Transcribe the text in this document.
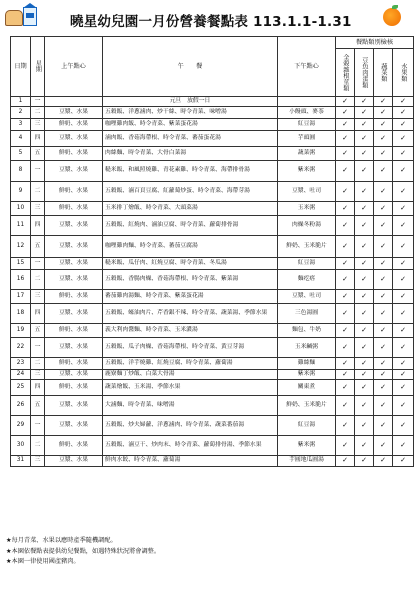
曉星幼兒園一月份營養餐點表 113.1.1-1.31
日期	星期	上午點心	午　　餐	下午點心	餐點類別檢核			

					全穀雜根莖類	豆魚肉蛋類	蔬菜類	水果類

1	一		元旦　放假一日		✓	✓	✓	✓
2	二	豆漿、水果	五穀飯、洋蔥滷肉、炒干絲、時令青菜、味噌湯	小饅頭、麥茶	✓	✓	✓	✓
3	三	鮮奶、水果	咖哩雞肉飯、時令青菜、紫菜蛋花湯	紅豆湯	✓	✓	✓	✓
4	四	豆漿、水果	滷肉飯、香菇海帶根、時令青菜、蕃茄蛋花湯	芋頭圓	✓	✓	✓	✓
5	五	鮮奶、水果	肉絲麵、時令青菜、大骨白菜湯	蔬菜粥	✓	✓	✓	✓
8	一	豆漿、水果	糙米飯、和風照燒雞、青花素雞、時令青菜、海帶排骨湯	紫米粥	✓	✓	✓	✓
9	二	鮮奶、水果	五穀飯、滷百頁豆腐、紅蘿蔔炒蛋、時令青菜、海帶芽湯	豆漿、吐司	✓	✓	✓	✓
10	三	鮮奶、水果	玉米排丁燴飯、時令青菜、大頭菜湯	玉米粥	✓	✓	✓	✓
11	四	豆漿、水果	五穀飯、紅燒肉、滷油豆腐、時令青菜、蘿蔔排骨湯	肉燥冬粉湯	✓	✓	✓	✓
12	五	豆漿、水果	咖哩雞肉麵、時令青菜、蕃茄豆腐湯	鮮奶、玉米脆片	✓	✓	✓	✓
15	一	豆漿、水果	糙米飯、瓜仔肉、紅燒豆腐、時令青菜、冬瓜湯	紅豆湯	✓	✓	✓	✓
16	二	豆漿、水果	五穀飯、香腸肉燥、香菇海帶根、時令青菜、紫菜湯	麵疙瘩	✓	✓	✓	✓
17	三	鮮奶、水果	蕃茄雞肉湯麵、時令青菜、紫菜蛋花湯	豆漿、吐司	✓	✓	✓	✓
18	四	豆漿、水果	五穀飯、蠔油肉片、芹香銀不辣、時令青菜、蔬菜湯、季節水果	三色湯圓	✓	✓	✓	✓
19	五	鮮奶、水果	義大利肉醬麵、時令青菜、玉米濃湯	麵包、牛奶	✓	✓	✓	✓
22	一	豆漿、水果	五穀飯、瓜子肉燥、香菇海帶根、時令青菜、黃豆芽湯	玉米鹹粥	✓	✓	✓	✓
23	二	鮮奶、水果	五穀飯、洋芋燒雞、紅燒豆腐、時令青菜、蘿蔔湯	雞絲麵	✓	✓	✓	✓
24	三	豆漿、水果	鹿寮麵丁炒飯、白菜大骨湯	紫米粥	✓	✓	✓	✓
25	四	鮮奶、水果	蔬菜燴飯、玉米湯、季節水果	關東煮	✓	✓	✓	✓
26	五	豆漿、水果	大滷麵、時令青菜、味噌湯	鮮奶、玉米脆片	✓	✓	✓	✓
29	一	豆漿、水果	五穀飯、炒夫婦蘿、洋蔥滷肉、時令青菜、蔬菜番茄湯	紅豆湯	✓	✓	✓	✓
30	二	鮮奶、水果	五穀飯、滷豆干、炒肉末、時令青菜、蘿蔔排骨湯、季節水果	紫米粥	✓	✓	✓	✓
31	三	豆漿、水果	鮮肉水餃、時令青菜、蘿蔔湯	芋圓地瓜圓湯	✓	✓	✓	✓
★每月青菜、水果以應時產季隨機調配。
★本園依餐點表提供幼兒餐點，如遇特殊狀況將會調整。
★本園一律使用國產豬肉。
